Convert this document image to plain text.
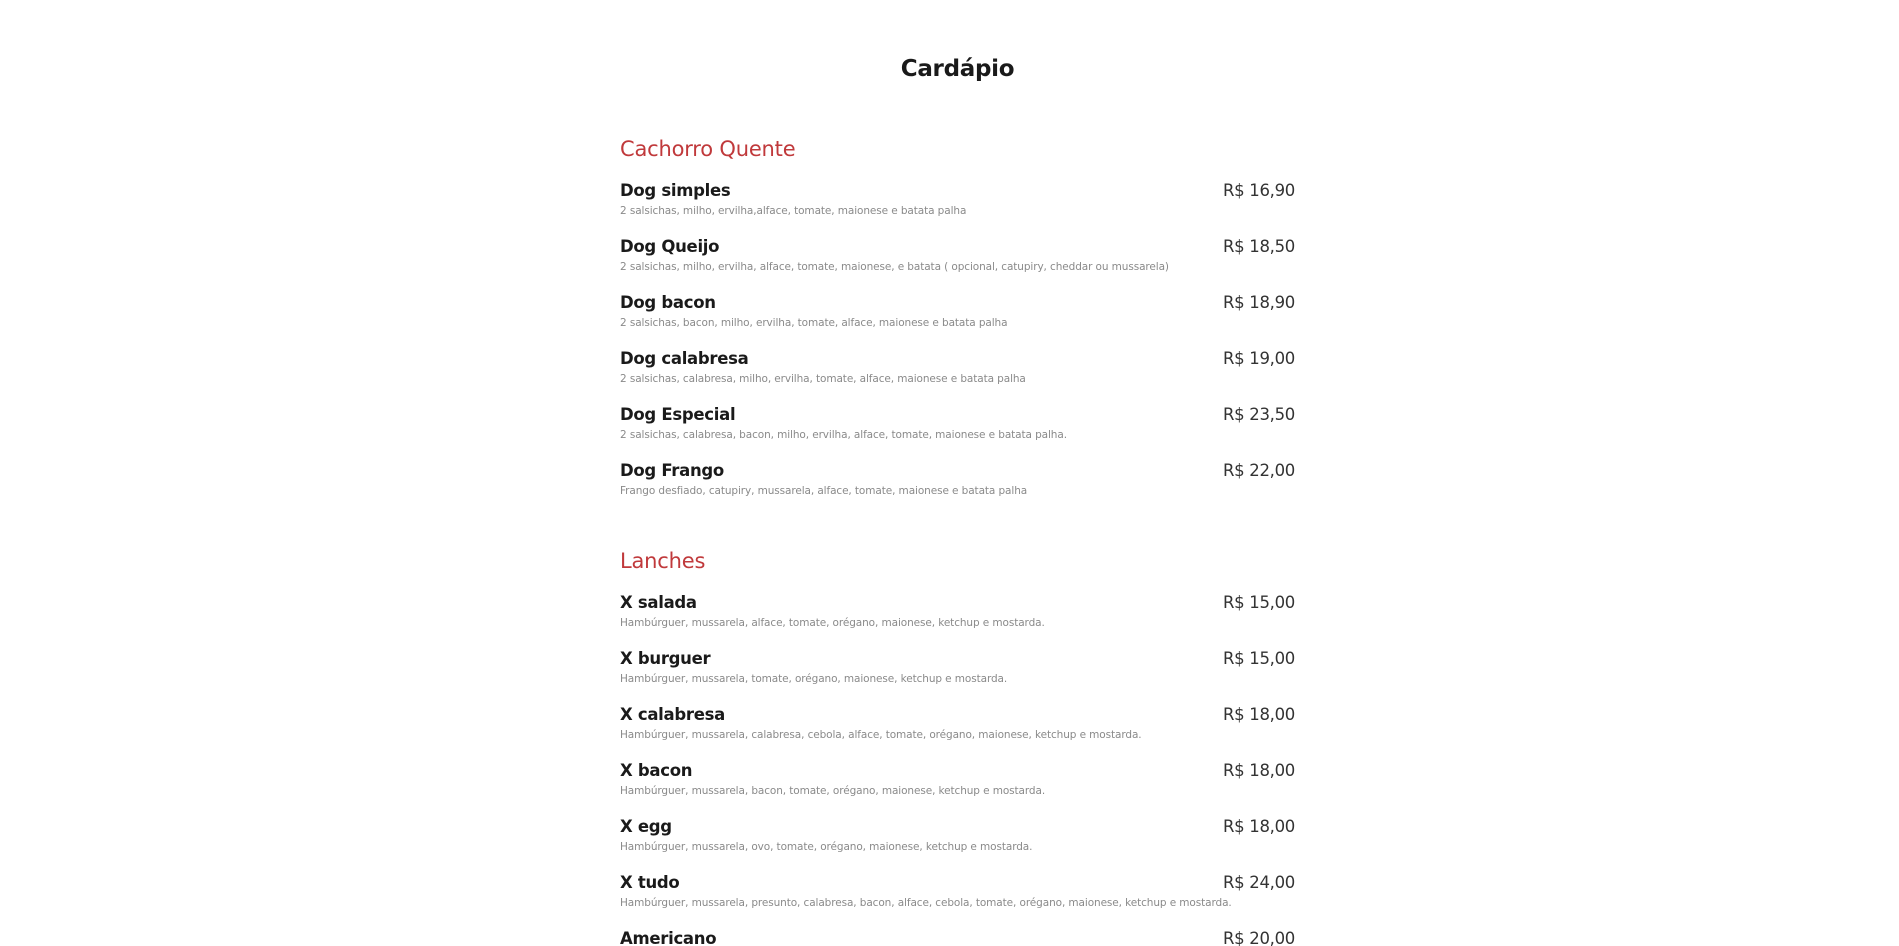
Cardápio
Cachorro Quente
Dog simples
2 salsichas, milho, ervilha,alface, tomate, maionese e batata palha
R$ 16,90
Dog Queijo
2 salsichas, milho, ervilha, alface, tomate, maionese, e batata ( opcional, catupiry, cheddar ou mussarela)
R$ 18,50
Dog bacon
2 salsichas, bacon, milho, ervilha, tomate, alface, maionese e batata palha
R$ 18,90
Dog calabresa
2 salsichas, calabresa, milho, ervilha, tomate, alface, maionese e batata palha
R$ 19,00
Dog Especial
2 salsichas, calabresa, bacon, milho, ervilha, alface, tomate, maionese e batata palha.
R$ 23,50
Dog Frango
Frango desfiado, catupiry, mussarela, alface, tomate, maionese e batata palha
R$ 22,00
Lanches
X salada
Hambúrguer, mussarela, alface, tomate, orégano, maionese, ketchup e mostarda.
R$ 15,00
X burguer
Hambúrguer, mussarela, tomate, orégano, maionese, ketchup e mostarda.
R$ 15,00
X calabresa
Hambúrguer, mussarela, calabresa, cebola, alface, tomate, orégano, maionese, ketchup e mostarda.
R$ 18,00
X bacon
Hambúrguer, mussarela, bacon, tomate, orégano, maionese, ketchup e mostarda.
R$ 18,00
X egg
Hambúrguer, mussarela, ovo, tomate, orégano, maionese, ketchup e mostarda.
R$ 18,00
X tudo
Hambúrguer, mussarela, presunto, calabresa, bacon, alface, cebola, tomate, orégano, maionese, ketchup e mostarda.
R$ 24,00
Americano	R$ 20,00
